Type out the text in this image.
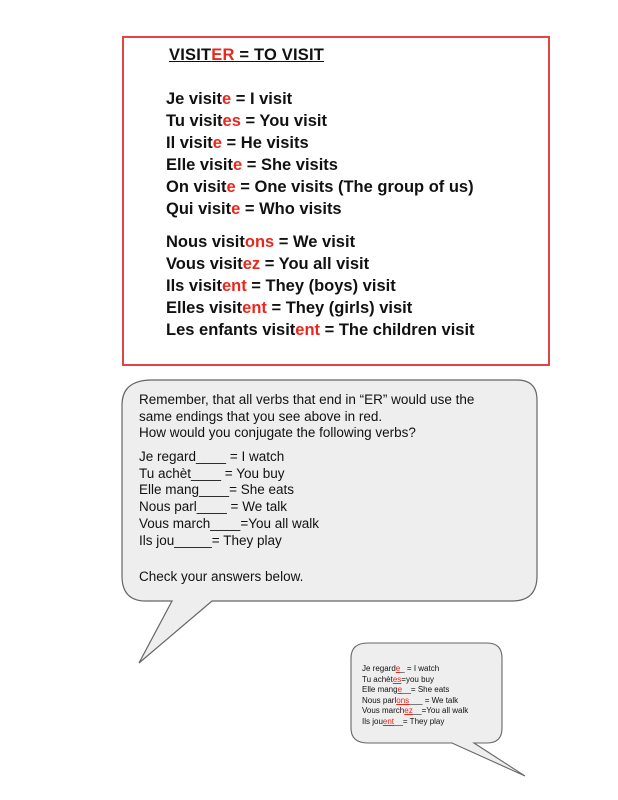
VISITER = TO VISIT
Je visite = I visit
Tu visites = You visit
Il visite = He visits
Elle visite = She visits
On visite = One visits (The group of us)
Qui visite = Who visits
Nous visitons = We visit
Vous visitez = You all visit
Ils visitent = They (boys) visit
Elles visitent = They (girls) visit
Les enfants visitent = The children visit
Remember, that all verbs that end in “ER” would use the
same endings that you see above in red.
How would you conjugate the following verbs?
Je regard____ = I watch
Tu achèt____ = You buy
Elle mang____= She eats
Nous parl____ = We talk
Vous march____=You all walk
Ils jou_____= They play
Check your answers below.
Je regarde_ = I watch
Tu achètes=you buy
Elle mange__= She eats
Nous parlons___ = We talk
Vous marchez__=You all walk
Ils jouent__= They play
